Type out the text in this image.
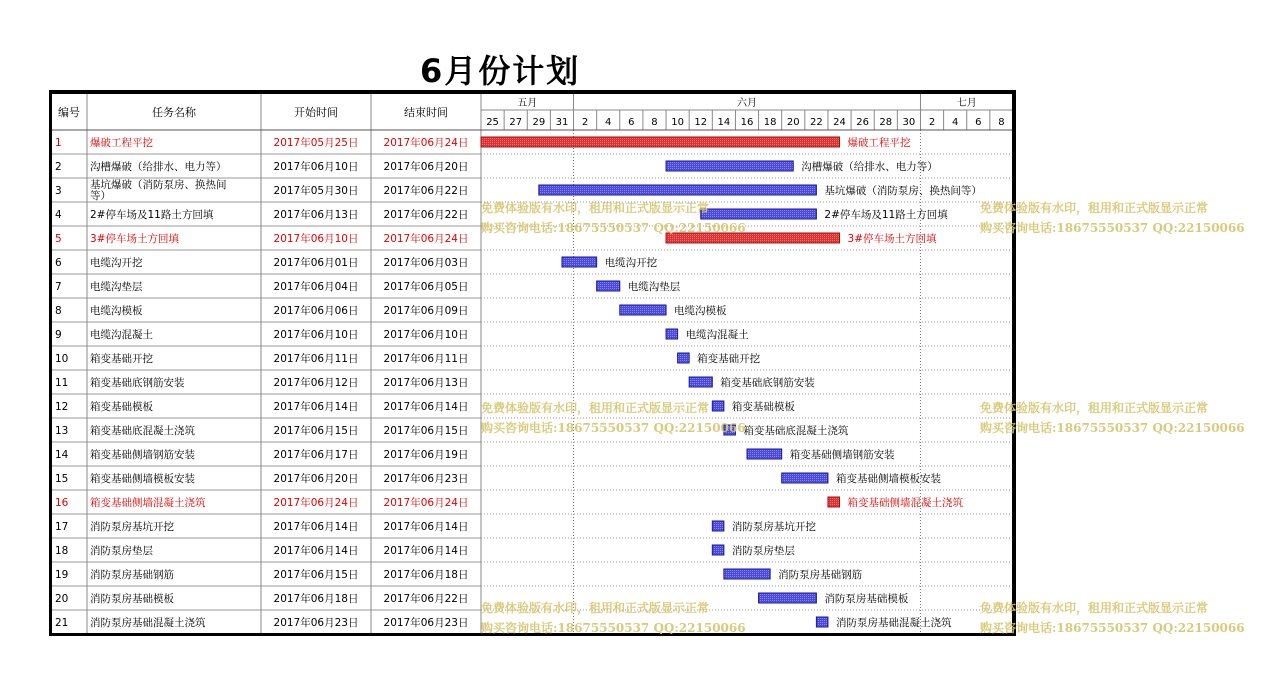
6月份计划
五月	六月	七月
25 27 29 31 2 4 6 8 10 12 14 16 18 20 22 24 26 28 30 2 4 6 8
编号	任务名称	开始时间	结束时间
1	爆破工程平挖	2017年05月25日 2017年06月24日	爆破工程平挖
2	沟槽爆破（给排水、电力等）	2017年06月10日 2017年06月20日	沟槽爆破（给排水、电力等）
3	基坑爆破（消防泵房、换热间
等）	2017年05月30日 2017年06月22日	基坑爆破（消防泵房、换热间等）
4	2#停车场及11路土方回填	2017年06月13日 2017年06月22日	2#停车场及11路土方回填
5	3#停车场土方回填	2017年06月10日 2017年06月24日	3#停车场土方回填
6	电缆沟开挖	2017年06月01日 2017年06月03日	电缆沟开挖
7	电缆沟垫层	2017年06月04日 2017年06月05日	电缆沟垫层
8	电缆沟模板	2017年06月06日 2017年06月09日	电缆沟模板
9	电缆沟混凝土	2017年06月10日 2017年06月10日	电缆沟混凝土
10 箱变基础开挖	2017年06月11日 2017年06月11日	箱变基础开挖
11 箱变基础底钢筋安装	2017年06月12日 2017年06月13日	箱变基础底钢筋安装
12 箱变基础模板	2017年06月14日 2017年06月14日	箱变基础模板
13 箱变基础底混凝土浇筑	2017年06月15日 2017年06月15日	箱变基础底混凝土浇筑
14 箱变基础侧墙钢筋安装	2017年06月17日 2017年06月19日	箱变基础侧墙钢筋安装
15 箱变基础侧墙模板安装	2017年06月20日 2017年06月23日	箱变基础侧墙模板安装
16 箱变基础侧墙混凝土浇筑	2017年06月24日 2017年06月24日	箱变基础侧墙混凝土浇筑
17 消防泵房基坑开挖	2017年06月14日 2017年06月14日	消防泵房基坑开挖
18 消防泵房垫层	2017年06月14日 2017年06月14日	消防泵房垫层
19 消防泵房基础钢筋	2017年06月15日 2017年06月18日	消防泵房基础钢筋
20 消防泵房基础模板	2017年06月18日 2017年06月22日	消防泵房基础模板
21 消防泵房基础混凝土浇筑	2017年06月23日 2017年06月23日	消防泵房基础混凝土浇筑
免费体验版有水印，租用和正式版显示正常
购买咨询电话:18675550537 QQ:22150066
免费体验版有水印，租用和正式版显示正常
购买咨询电话:18675550537 QQ:22150066
免费体验版有水印，租用和正式版显示正常
购买咨询电话:18675550537 QQ:22150066
免费体验版有水印，租用和正式版显示正常
购买咨询电话:18675550537 QQ:22150066
免费体验版有水印，租用和正式版显示正常
购买咨询电话:18675550537 QQ:22150066
免费体验版有水印，租用和正式版显示正常
购买咨询电话:18675550537 QQ:22150066
